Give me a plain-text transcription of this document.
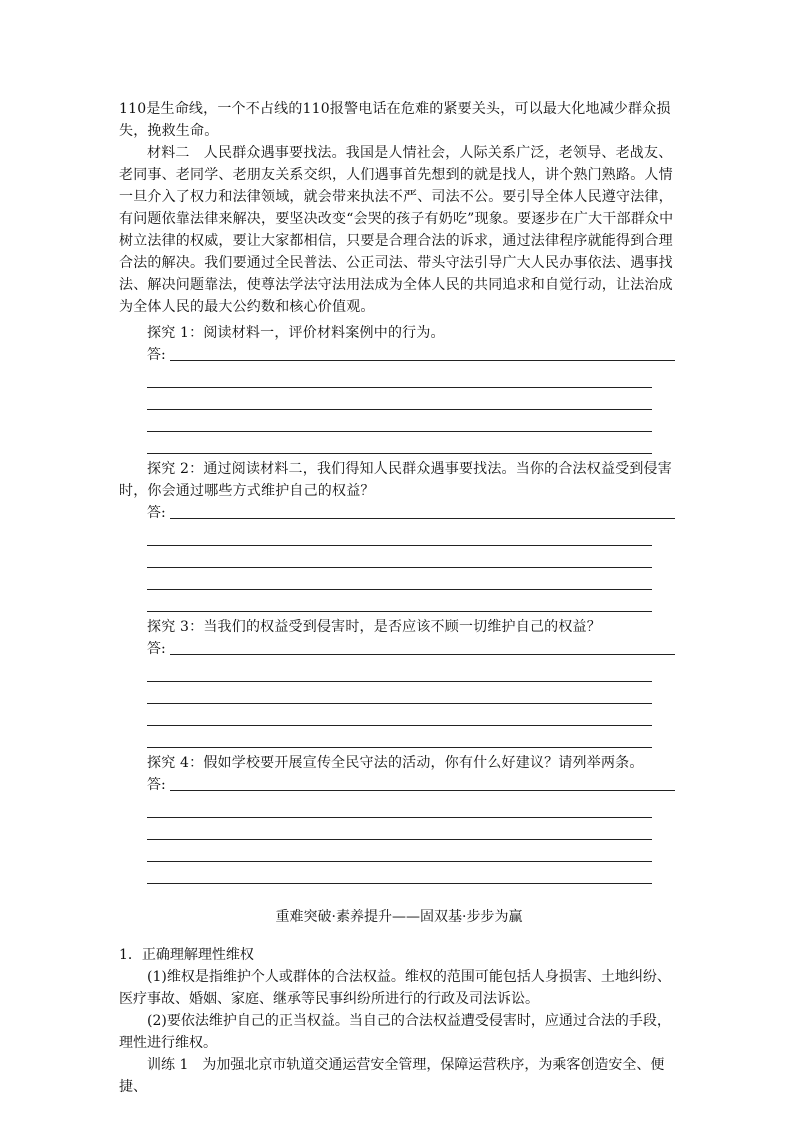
110是生命线，一个不占线的110报警电话在危难的紧要关头，可以最大化地减少群众损失，挽救生命。

材料二　人民群众遇事要找法。我国是人情社会，人际关系广泛，老领导、老战友、老同事、老同学、老朋友关系交织，人们遇事首先想到的就是找人，讲个熟门熟路。人情一旦介入了权力和法律领域，就会带来执法不严、司法不公。要引导全体人民遵守法律，有问题依靠法律来解决，要坚决改变“会哭的孩子有奶吃”现象。要逐步在广大干部群众中树立法律的权威，要让大家都相信，只要是合理合法的诉求，通过法律程序就能得到合理合法的解决。我们要通过全民普法、公正司法、带头守法引导广大人民办事依法、遇事找法、解决问题靠法，使尊法学法守法用法成为全体人民的共同追求和自觉行动，让法治成为全体人民的最大公约数和核心价值观。

探究 1：阅读材料一，评价材料案例中的行为。

答:

探究 2：通过阅读材料二，我们得知人民群众遇事要找法。当你的合法权益受到侵害时，你会通过哪些方式维护自己的权益？

答:

探究 3：当我们的权益受到侵害时，是否应该不顾一切维护自己的权益？

答:

探究 4：假如学校要开展宣传全民守法的活动，你有什么好建议？请列举两条。

答:
重难突破·素养提升——固双基·步步为赢

1．正确理解理性维权

(1)维权是指维护个人或群体的合法权益。维权的范围可能包括人身损害、土地纠纷、医疗事故、婚姻、家庭、继承等民事纠纷所进行的行政及司法诉讼。

(2)要依法维护自己的正当权益。当自己的合法权益遭受侵害时，应通过合法的手段，理性进行维权。

训练 1　为加强北京市轨道交通运营安全管理，保障运营秩序，为乘客创造安全、便捷、
